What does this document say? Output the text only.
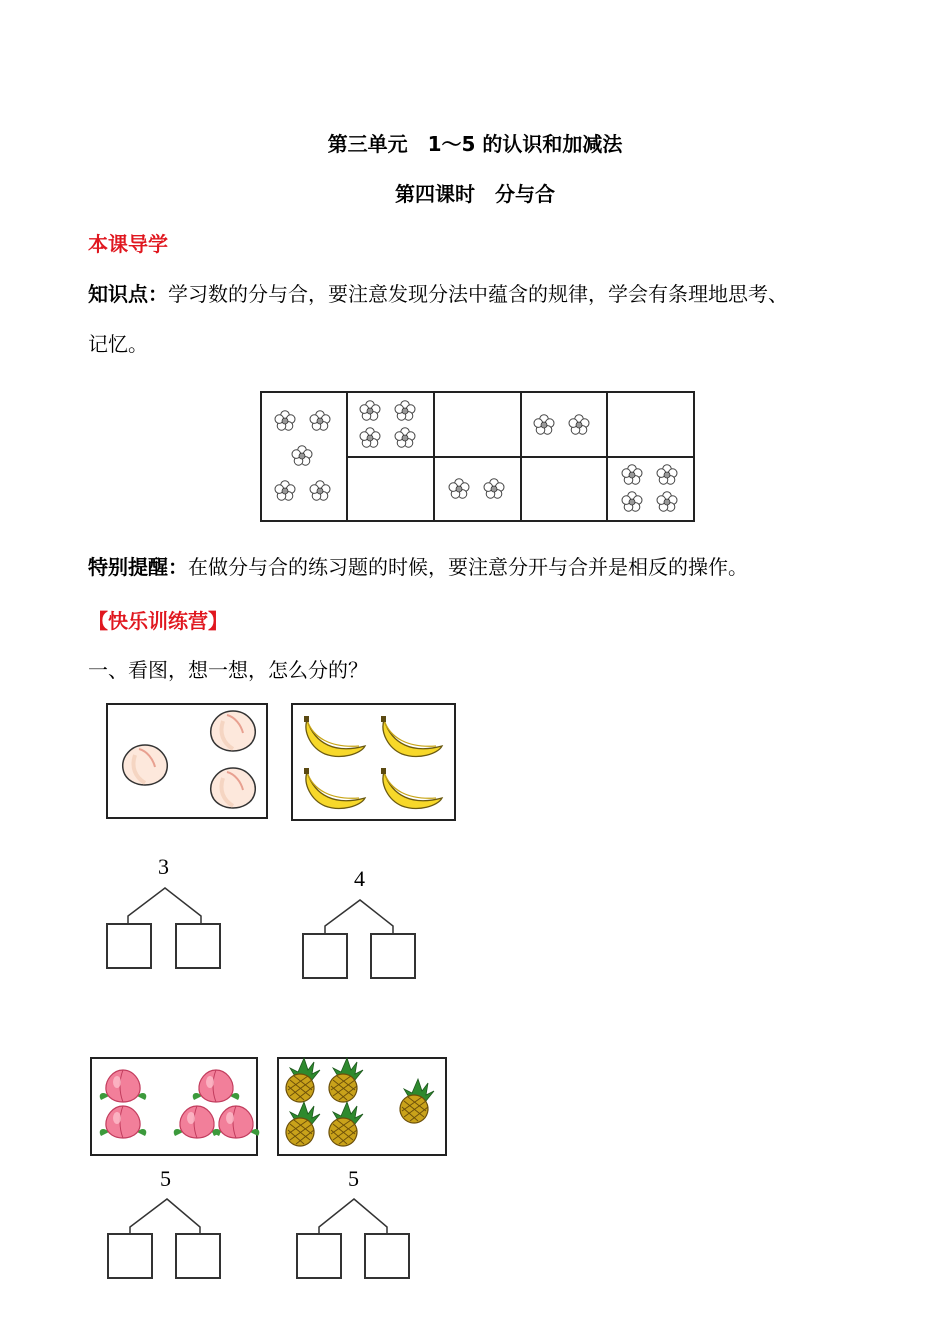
第三单元　1～5 的认识和加减法
第四课时　分与合
本课导学
知识点：学习数的分与合，要注意发现分法中蕴含的规律，学会有条理地思考、
记忆。
特别提醒：在做分与合的练习题的时候，要注意分开与合并是相反的操作。
【快乐训练营】
一、看图，想一想，怎么分的？
3	4
5	5
